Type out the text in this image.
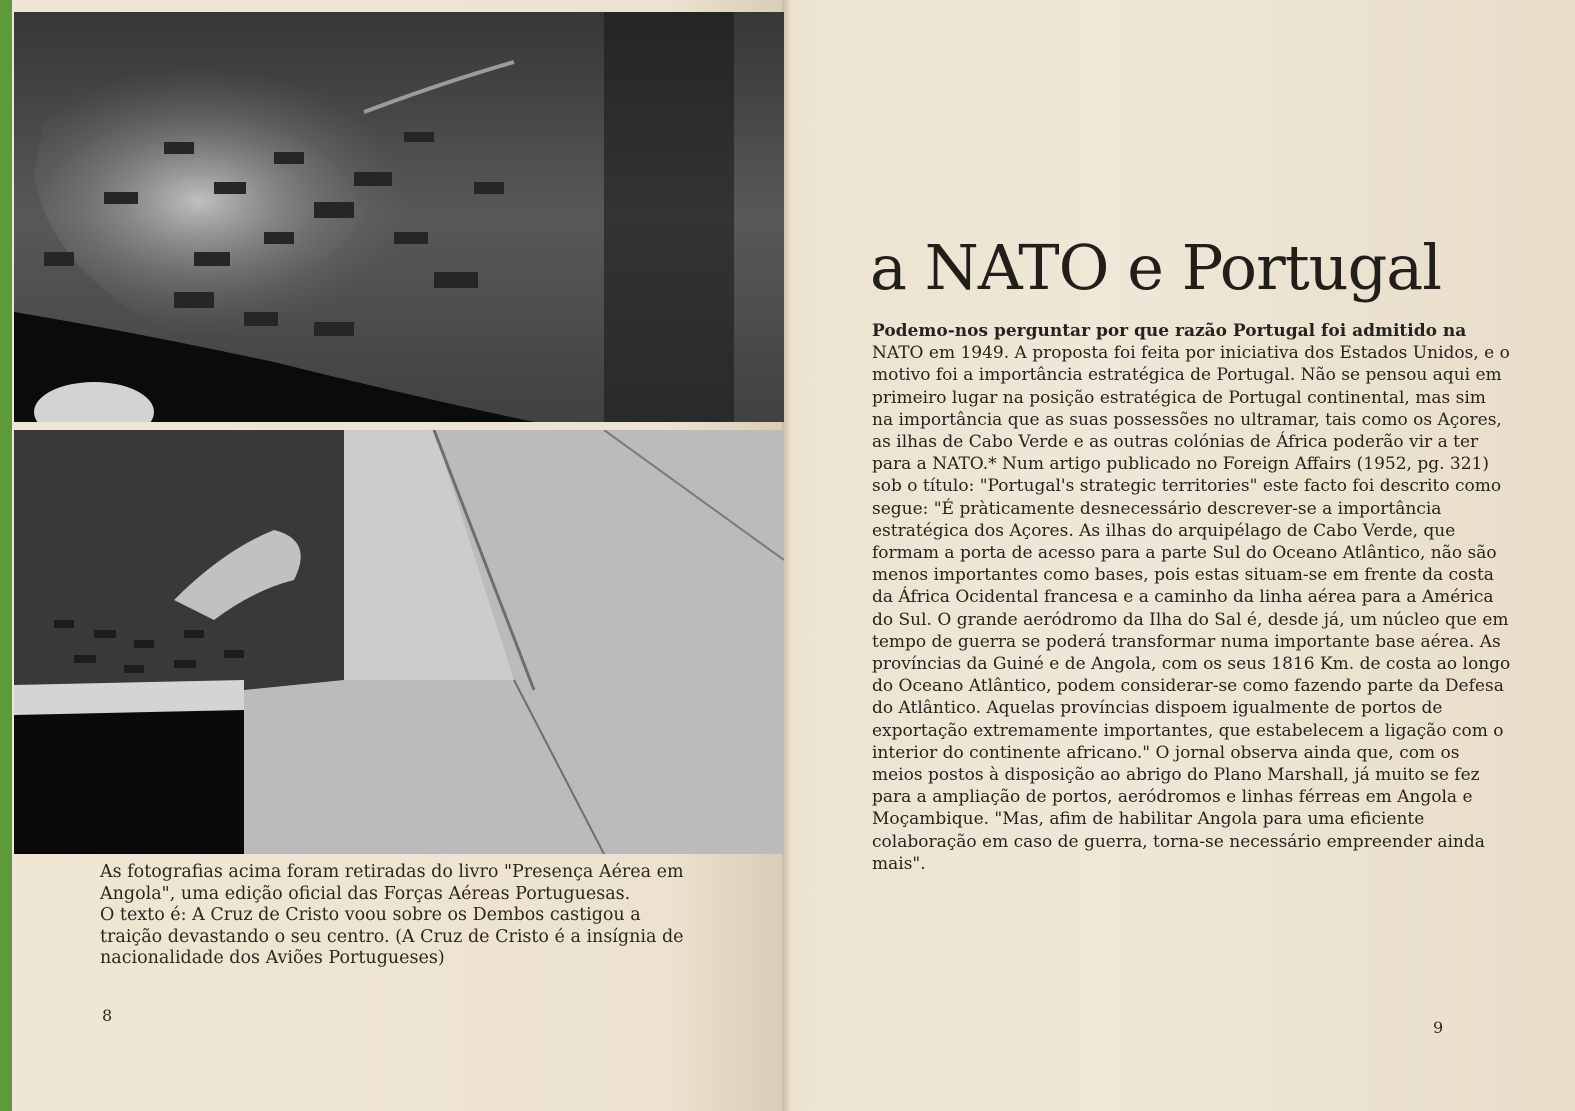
As fotografias acima foram retiradas do livro "Presença Aérea em Angola", uma edição oficial das Forças Aéreas Portuguesas.

O texto é: A Cruz de Cristo voou sobre os Dembos castigou a traição devastando o seu centro. (A Cruz de Cristo é a insígnia de nacionalidade dos Aviões Portugueses)

8
a NATO e Portugal

Podemo-nos perguntar por que razão Portugal foi admitido na NATO em 1949. A proposta foi feita por iniciativa dos Estados Unidos, e o motivo foi a importância estratégica de Portugal. Não se pensou aqui em primeiro lugar na posição estratégica de Portugal continental, mas sim na importância que as suas possessões no ultramar, tais como os Açores, as ilhas de Cabo Verde e as outras colónias de África poderão vir a ter para a NATO.* Num artigo publicado no Foreign Affairs (1952, pg. 321) sob o título: "Portugal's strategic territories" este facto foi descrito como segue: "É pràticamente desnecessário descrever-se a importância estratégica dos Açores. As ilhas do arquipélago de Cabo Verde, que formam a porta de acesso para a parte Sul do Oceano Atlântico, não são menos importantes como bases, pois estas situam-se em frente da costa da África Ocidental francesa e a caminho da linha aérea para a América do Sul. O grande aeródromo da Ilha do Sal é, desde já, um núcleo que em tempo de guerra se poderá transformar numa importante base aérea. As províncias da Guiné e de Angola, com os seus 1816 Km. de costa ao longo do Oceano Atlântico, podem considerar-se como fazendo parte da Defesa do Atlântico. Aquelas províncias dispoem igualmente de portos de exportação extremamente importantes, que estabelecem a ligação com o interior do continente africano." O jornal observa ainda que, com os meios postos à disposição ao abrigo do Plano Marshall, já muito se fez para a ampliação de portos, aeródromos e linhas férreas em Angola e Moçambique. "Mas, afim de habilitar Angola para uma eficiente colaboração em caso de guerra, torna-se necessário empreender ainda mais".

9
